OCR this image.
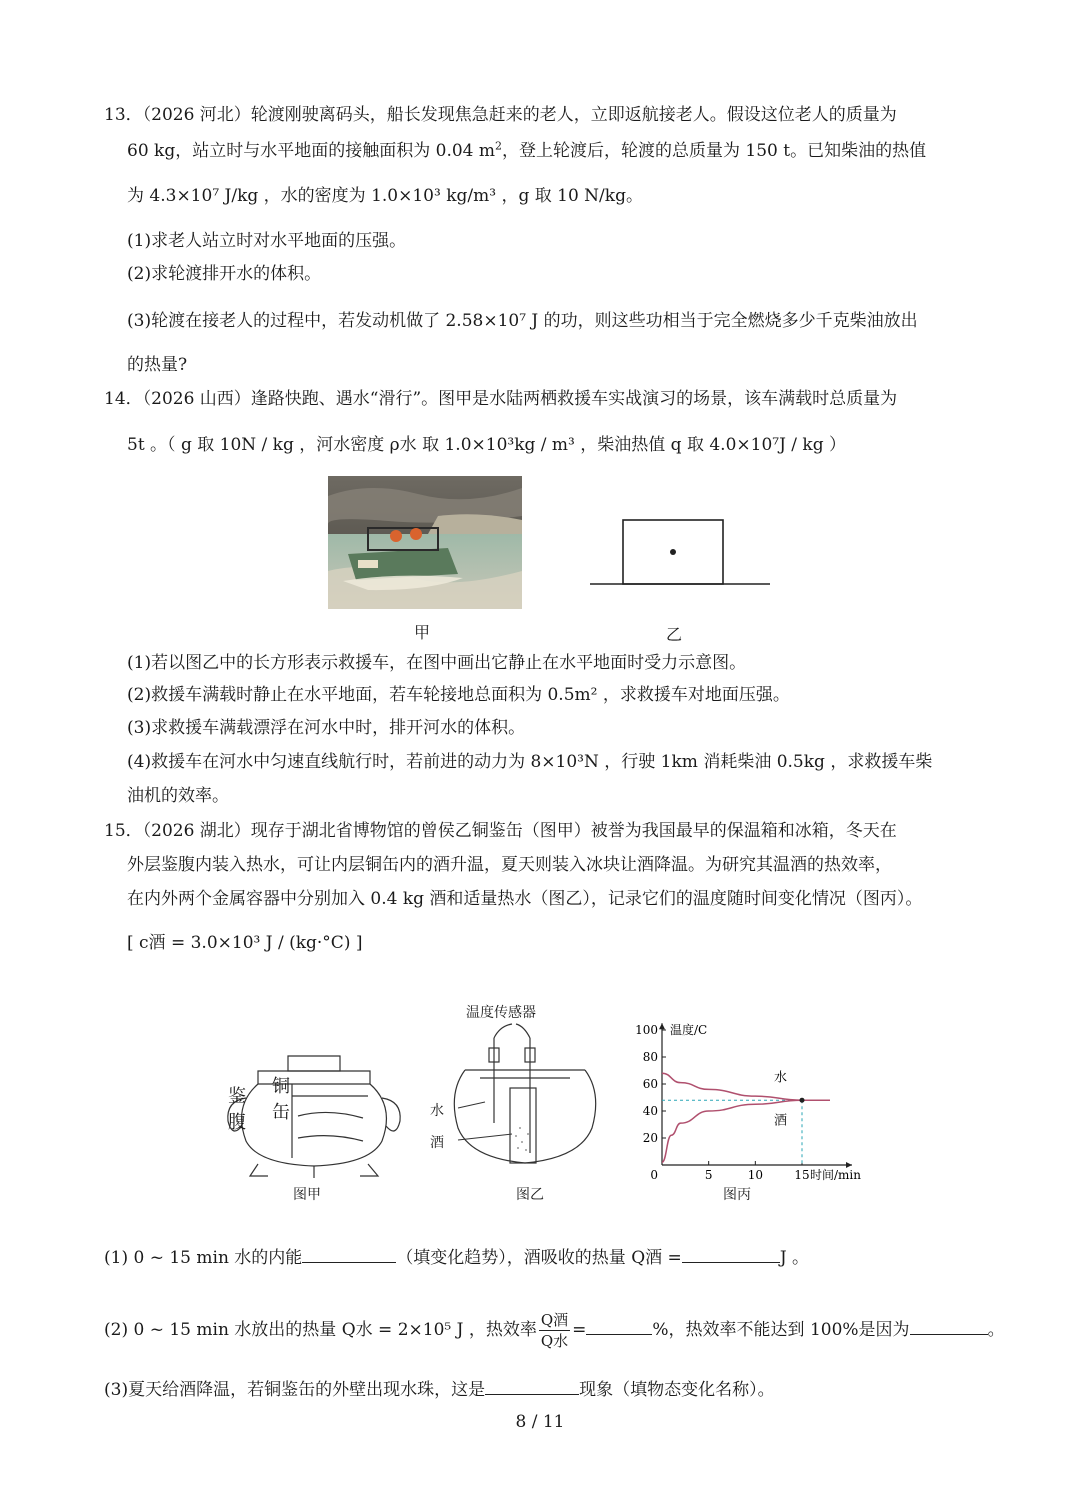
13．（2026 河北）轮渡刚驶离码头，船长发现焦急赶来的老人，立即返航接老人。假设这位老人的质量为
60 kg，站立时与水平地面的接触面积为 0.04 $m^2$，登上轮渡后，轮渡的总质量为 150 t。已知柴油的热值
为 4.3×10⁷ J/kg ，水的密度为 1.0×10³ kg/m³ ，g 取 10 N/kg。
(1)求老人站立时对水平地面的压强。
(2)求轮渡排开水的体积。
(3)轮渡在接老人的过程中，若发动机做了 2.58×10⁷ J 的功，则这些功相当于完全燃烧多少千克柴油放出
的热量?
14．（2026 山西）逢路快跑、遇水“滑行”。图甲是水陆两栖救援车实战演习的场景，该车满载时总质量为
5t 。（ g 取 10N / kg ，河水密度 ρ水 取 1.0×10³kg / m³ ，柴油热值 q 取 4.0×10⁷J / kg ）
甲	乙
(1)若以图乙中的长方形表示救援车，在图中画出它静止在水平地面时受力示意图。
(2)救援车满载时静止在水平地面，若车轮接地总面积为 0.5m² ，求救援车对地面压强。
(3)求救援车满载漂浮在河水中时，排开河水的体积。
(4)救援车在河水中匀速直线航行时，若前进的动力为 8×10³N ，行驶 1km 消耗柴油 0.5kg ，求救援车柴
油机的效率。
15．（2026 湖北）现存于湖北省博物馆的曾侯乙铜鉴缶（图甲）被誉为我国最早的保温箱和冰箱，冬天在
外层鉴腹内装入热水，可让内层铜缶内的酒升温，夏天则装入冰块让酒降温。为研究其温酒的热效率，
在内外两个金属容器中分别加入 0.4 kg 酒和适量热水（图乙），记录它们的温度随时间变化情况（图丙）。
[ c酒 = 3.0×10³ J / (kg·°C) ]
鉴
腹
铜
缶
图甲
温度传感器
水
酒
图乙
20
40
60
80
100
0	5	10	15
温度/C
时间/min
水
酒
图丙
(1) 0 ~ 15 min 水的内能	（填变化趋势），酒吸收的热量 Q酒 =	J 。
(2) 0 ~ 15 min 水放出的热量 Q水 = 2×10⁵ J ，热效率 $\frac{\text{Q酒}}{\text{Q水}}$ =	%，热效率不能达到 100%是因为	。
(3)夏天给酒降温，若铜鉴缶的外壁出现水珠，这是	现象（填物态变化名称）。
8 / 11
